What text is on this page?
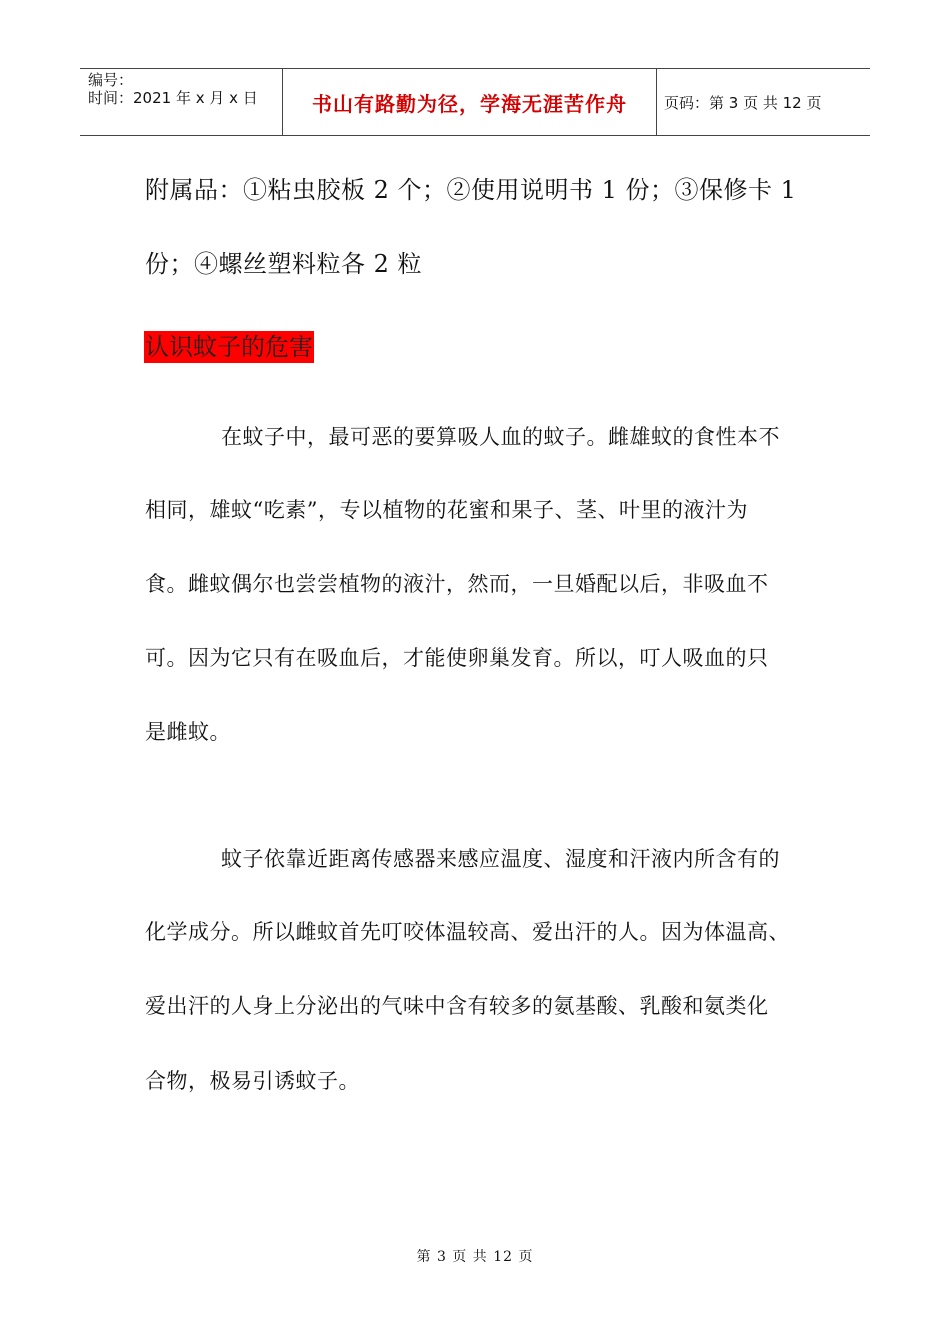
编号：
时间：2021 年 x 月 x 日	书山有路勤为径，学海无涯苦作舟	页码：第 3 页 共 12 页
附属品：①粘虫胶板 2 个；②使用说明书 1 份；③保修卡 1
份；④螺丝塑料粒各 2 粒
认识蚊子的危害
在蚊子中，最可恶的要算吸人血的蚊子。雌雄蚊的食性本不
相同，雄蚊“吃素”，专以植物的花蜜和果子、茎、叶里的液汁为
食。雌蚊偶尔也尝尝植物的液汁，然而，一旦婚配以后，非吸血不
可。因为它只有在吸血后，才能使卵巢发育。所以，叮人吸血的只
是雌蚊。
蚊子依靠近距离传感器来感应温度、湿度和汗液内所含有的
化学成分。所以雌蚊首先叮咬体温较高、爱出汗的人。因为体温高、
爱出汗的人身上分泌出的气味中含有较多的氨基酸、乳酸和氨类化
合物，极易引诱蚊子。
第 3 页 共 12 页
